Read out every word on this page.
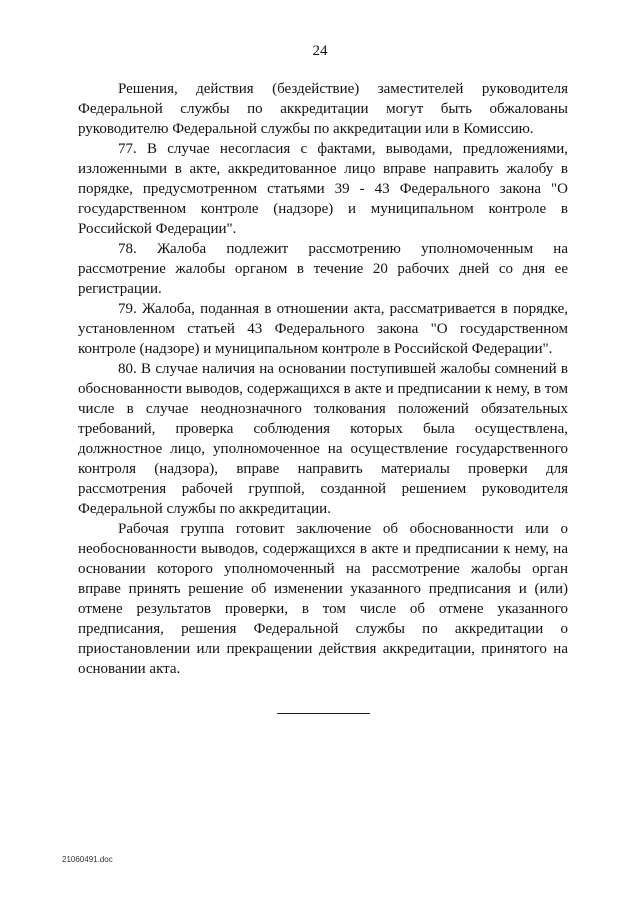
24

Решения, действия (бездействие) заместителей руководителя Федеральной службы по аккредитации могут быть обжалованы руководителю Федеральной службы по аккредитации или в Комиссию.

77. В случае несогласия с фактами, выводами, предложениями, изложенными в акте, аккредитованное лицо вправе направить жалобу в порядке, предусмотренном статьями 39 - 43 Федерального закона "О государственном контроле (надзоре) и муниципальном контроле в Российской Федерации".

78. Жалоба подлежит рассмотрению уполномоченным на рассмотрение жалобы органом в течение 20 рабочих дней со дня ее регистрации.

79. Жалоба, поданная в отношении акта, рассматривается в порядке, установленном статьей 43 Федерального закона "О государственном контроле (надзоре) и муниципальном контроле в Российской Федерации".

80. В случае наличия на основании поступившей жалобы сомнений в обоснованности выводов, содержащихся в акте и предписании к нему, в том числе в случае неоднозначного толкования положений обязательных требований, проверка соблюдения которых была осуществлена, должностное лицо, уполномоченное на осуществление государственного контроля (надзора), вправе направить материалы проверки для рассмотрения рабочей группой, созданной решением руководителя Федеральной службы по аккредитации.

Рабочая группа готовит заключение об обоснованности или о необоснованности выводов, содержащихся в акте и предписании к нему, на основании которого уполномоченный на рассмотрение жалобы орган вправе принять решение об изменении указанного предписания и (или) отмене результатов проверки, в том числе об отмене указанного предписания, решения Федеральной службы по аккредитации о приостановлении или прекращении действия аккредитации, принятого на основании акта.

21060491.doc
